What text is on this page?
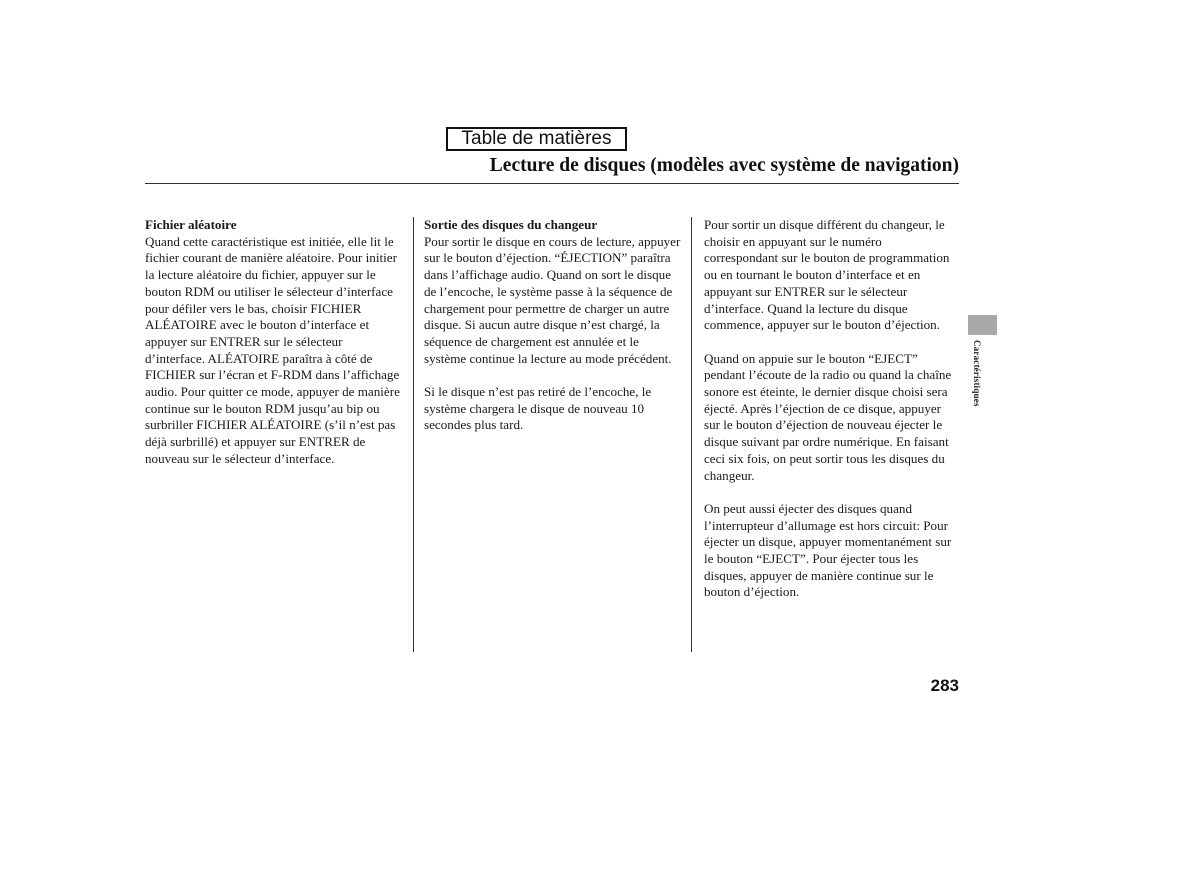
Table de matières
Lecture de disques (modèles avec système de navigation)
Fichier aléatoire

Quand cette caractéristique est initiée, elle lit le fichier courant de manière aléatoire. Pour initier la lecture aléatoire du fichier, appuyer sur le bouton RDM ou utiliser le sélecteur d’interface pour défiler vers le bas, choisir FICHIER ALÉATOIRE avec le bouton d’interface et appuyer sur ENTRER sur le sélecteur d’interface. ALÉATOIRE paraîtra à côté de FICHIER sur l’écran et F-RDM dans l’affichage audio. Pour quitter ce mode, appuyer de manière continue sur le bouton RDM jusqu’au bip ou surbriller FICHIER ALÉATOIRE (s’il n’est pas déjà surbrillé) et appuyer sur ENTRER de nouveau sur le sélecteur d’interface.

Sortie des disques du changeur

Pour sortir le disque en cours de lecture, appuyer sur le bouton d’éjection. “ÉJECTION” paraîtra dans l’affichage audio. Quand on sort le disque de l’encoche, le système passe à la séquence de chargement pour permettre de charger un autre disque. Si aucun autre disque n’est chargé, la séquence de chargement est annulée et le système continue la lecture au mode précédent.

Si le disque n’est pas retiré de l’encoche, le système chargera le disque de nouveau 10 secondes plus tard.

Pour sortir un disque différent du changeur, le choisir en appuyant sur le numéro correspondant sur le bouton de programmation ou en tournant le bouton d’interface et en appuyant sur ENTRER sur le sélecteur d’interface. Quand la lecture du disque commence, appuyer sur le bouton d’éjection.

Quand on appuie sur le bouton “EJECT” pendant l’écoute de la radio ou quand la chaîne sonore est éteinte, le dernier disque choisi sera éjecté. Après l’éjection de ce disque, appuyer sur le bouton d’éjection de nouveau éjecter le disque suivant par ordre numérique. En faisant ceci six fois, on peut sortir tous les disques du changeur.

On peut aussi éjecter des disques quand l’interrupteur d’allumage est hors circuit: Pour éjecter un disque, appuyer momentanément sur le bouton “EJECT”. Pour éjecter tous les disques, appuyer de manière continue sur le bouton d’éjection.

Caractéristiques
283
